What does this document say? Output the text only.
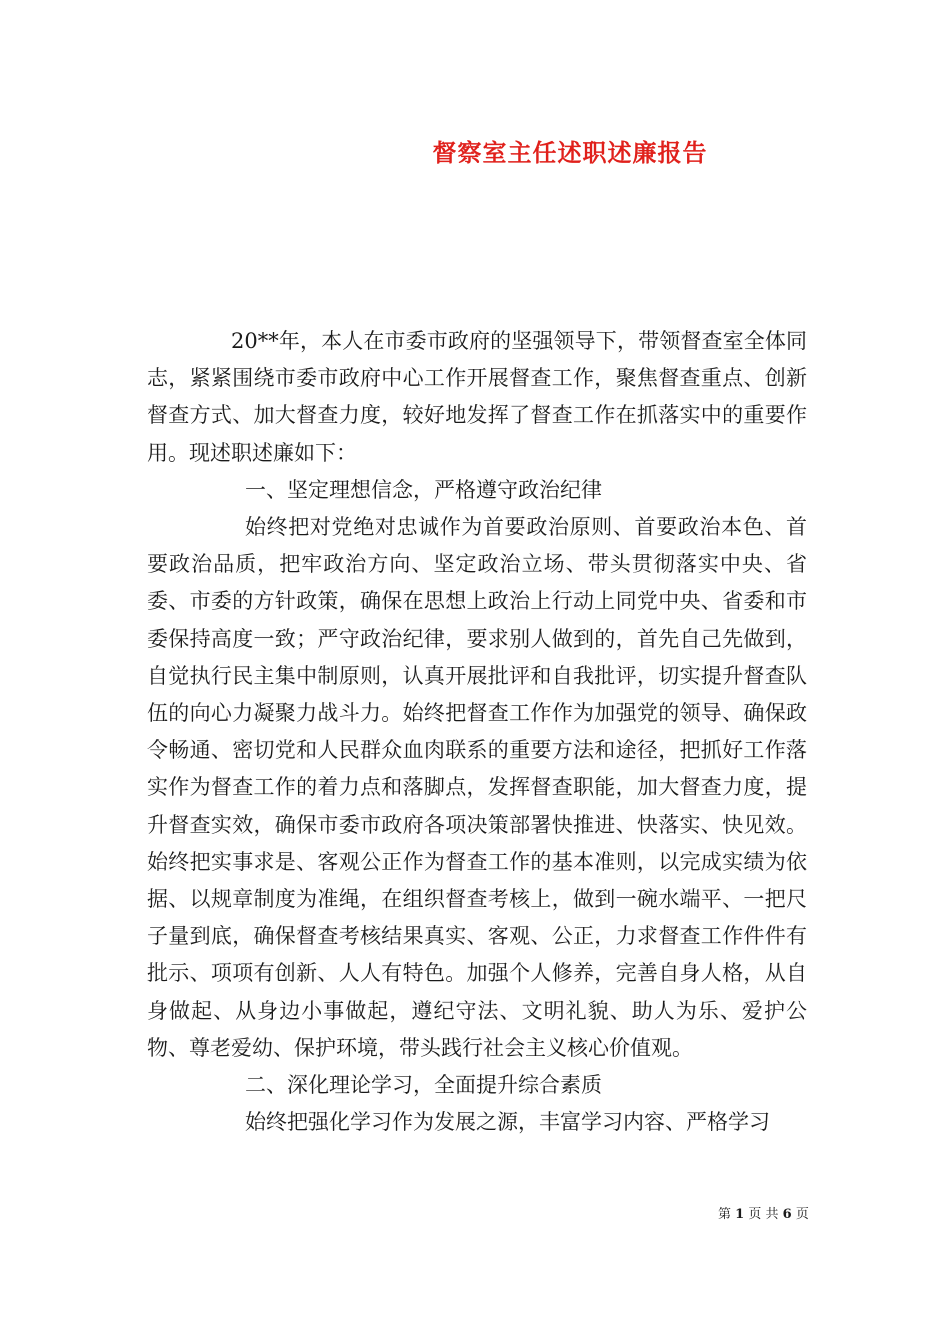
督察室主任述职述廉报告

20**年，本人在市委市政府的坚强领导下，带领督查室全体同志，紧紧围绕市委市政府中心工作开展督查工作，聚焦督查重点、创新督查方式、加大督查力度，较好地发挥了督查工作在抓落实中的重要作用。现述职述廉如下：

一、坚定理想信念，严格遵守政治纪律

始终把对党绝对忠诚作为首要政治原则、首要政治本色、首要政治品质，把牢政治方向、坚定政治立场、带头贯彻落实中央、省委、市委的方针政策，确保在思想上政治上行动上同党中央、省委和市委保持高度一致；严守政治纪律，要求别人做到的，首先自己先做到，自觉执行民主集中制原则，认真开展批评和自我批评，切实提升督查队伍的向心力凝聚力战斗力。始终把督查工作作为加强党的领导、确保政令畅通、密切党和人民群众血肉联系的重要方法和途径，把抓好工作落实作为督查工作的着力点和落脚点，发挥督查职能，加大督查力度，提升督查实效，确保市委市政府各项决策部署快推进、快落实、快见效。始终把实事求是、客观公正作为督查工作的基本准则，以完成实绩为依据、以规章制度为准绳，在组织督查考核上，做到一碗水端平、一把尺子量到底，确保督查考核结果真实、客观、公正，力求督查工作件件有批示、项项有创新、人人有特色。加强个人修养，完善自身人格，从自身做起、从身边小事做起，遵纪守法、文明礼貌、助人为乐、爱护公物、尊老爱幼、保护环境，带头践行社会主义核心价值观。

二、深化理论学习，全面提升综合素质

始终把强化学习作为发展之源，丰富学习内容、严格学习

第 1 页 共 6 页
